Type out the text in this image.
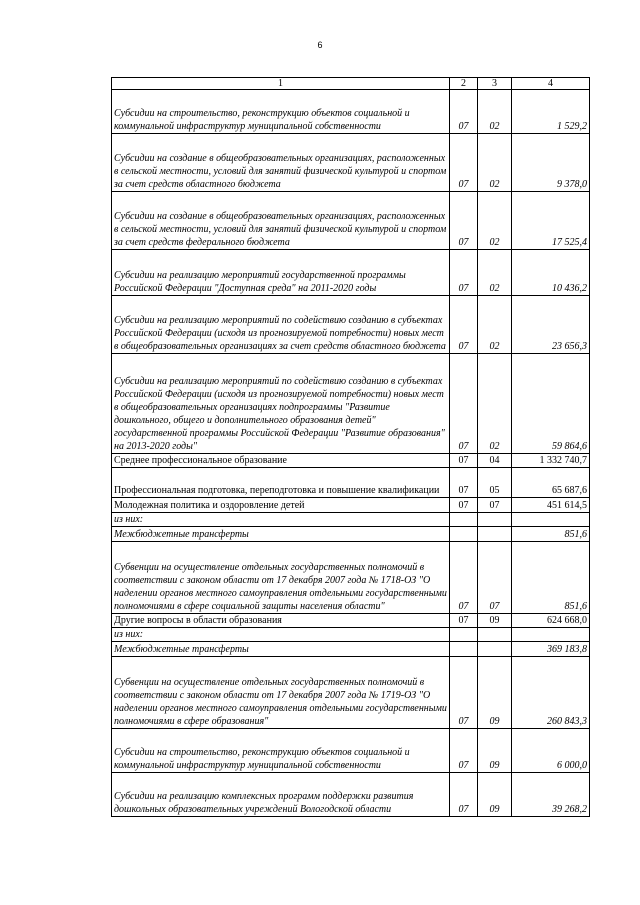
6
1	2	3	4
Субсидии на строительство, реконструкцию объектов социальной и коммунальной инфраструктур муниципальной собственности	07	02	1 529,2
Субсидии на создание в общеобразовательных организациях, расположенных в сельской местности, условий для занятий физической культурой и спортом за счет средств областного бюджета	07	02	9 378,0
Субсидии на создание в общеобразовательных организациях, расположенных в сельской местности, условий для занятий физической культурой и спортом за счет средств федерального бюджета	07	02	17 525,4
Субсидии на реализацию мероприятий государственной программы Российской Федерации "Доступная среда" на 2011-2020 годы	07	02	10 436,2
Субсидии на реализацию мероприятий по содействию созданию в субъектах Российской Федерации (исходя из прогнозируемой потребности) новых мест в общеобразовательных организациях за счет средств областного бюджета	07	02	23 656,3
Субсидии на реализацию мероприятий по содействию созданию в субъектах Российской Федерации (исходя из прогнозируемой потребности) новых мест в общеобразовательных организациях подпрограммы "Развитие дошкольного, общего и дополнительного образования детей" государственной программы Российской Федерации "Развитие образования" на 2013-2020 годы"	07	02	59 864,6
Среднее профессиональное образование	07	04	1 332 740,7
Профессиональная подготовка, переподготовка и повышение квалификации	07	05	65 687,6
Молодежная политика и оздоровление детей	07	07	451 614,5
из них:			
Межбюджетные трансферты			851,6
Субвенции на осуществление отдельных государственных полномочий в соответствии с законом области от 17 декабря 2007 года № 1718-ОЗ "О наделении органов местного самоуправления отдельными государственными полномочиями в сфере социальной защиты населения области"	07	07	851,6
Другие вопросы в области образования	07	09	624 668,0
из них:			
Межбюджетные трансферты			369 183,8
Субвенции на осуществление отдельных государственных полномочий в соответствии с законом области от 17 декабря 2007 года № 1719-ОЗ "О наделении органов местного самоуправления отдельными государственными полномочиями в сфере образования"	07	09	260 843,3
Субсидии на строительство, реконструкцию объектов социальной и коммунальной инфраструктур муниципальной собственности	07	09	6 000,0
Субсидии на реализацию комплексных программ поддержки развития дошкольных образовательных учреждений Вологодской области	07	09	39 268,2
